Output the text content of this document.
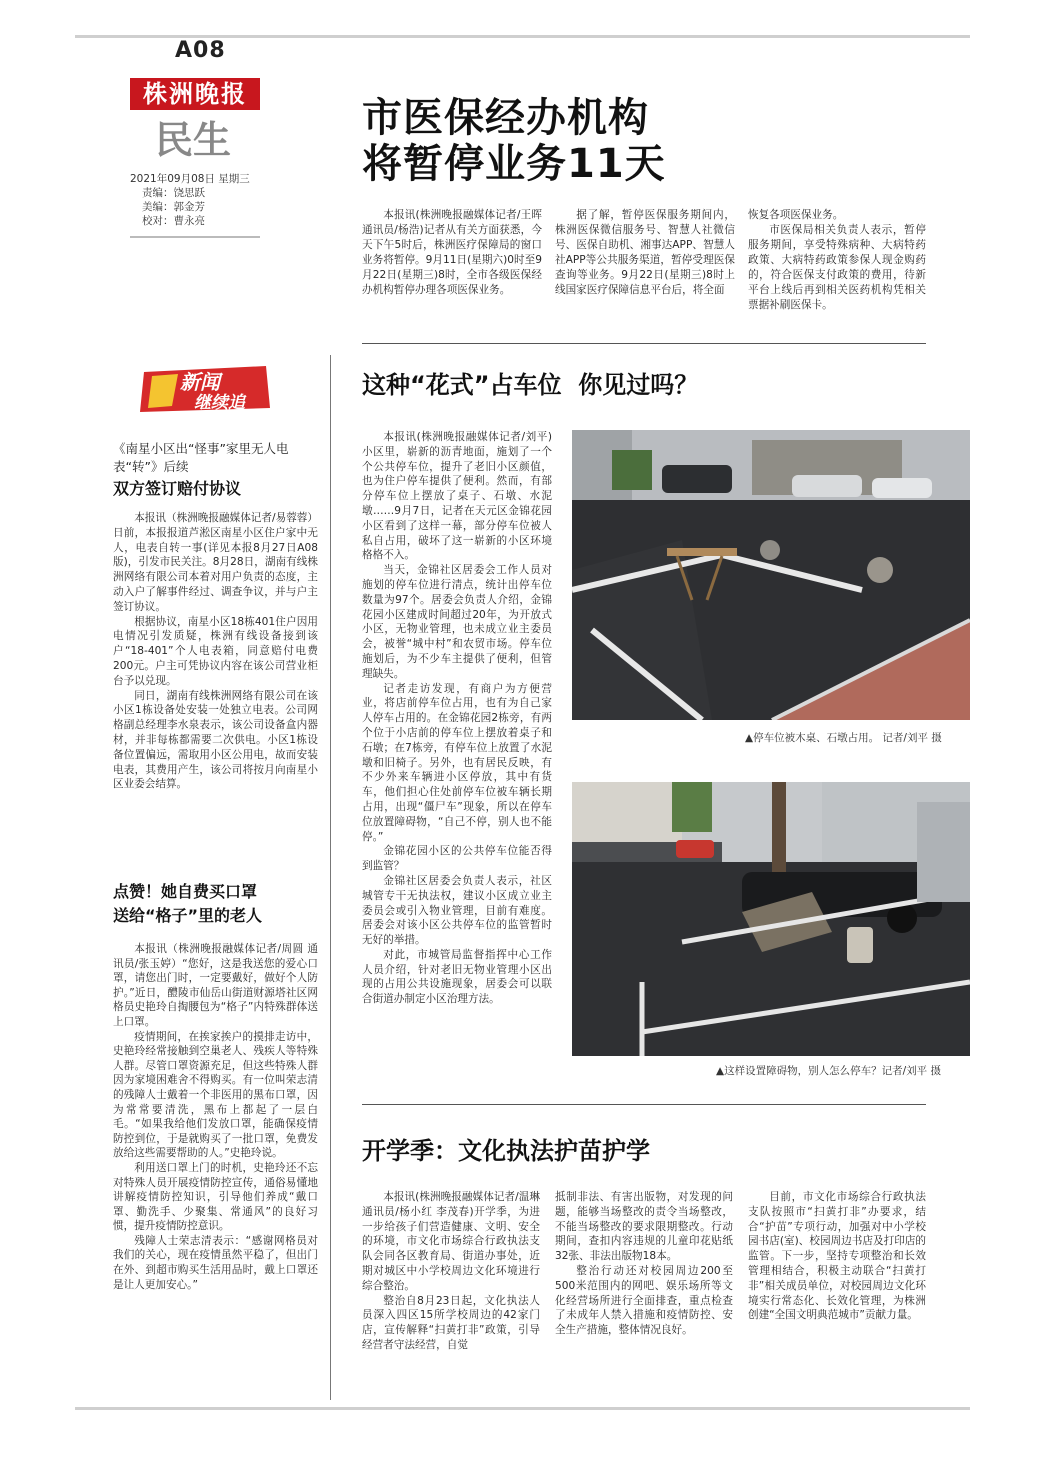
A08
株洲晚报
民生
2021年09月08日 星期三
责编：饶思跃
美编：郭金芳
校对：曹永亮
市医保经办机构
将暂停业务11天

本报讯(株洲晚报融媒体记者/王晖 通讯员/杨浩)记者从有关方面获悉，今天下午5时后，株洲医疗保障局的窗口业务将暂停。9月11日(星期六)0时至9月22日(星期三)8时，全市各级医保经办机构暂停办理各项医保业务。

据了解，暂停医保服务期间内，株洲医保微信服务号、智慧人社微信号、医保自助机、湘事达APP、智慧人社APP等公共服务渠道，暂停受理医保查询等业务。9月22日(星期三)8时上线国家医疗保障信息平台后，将全面

恢复各项医保业务。

市医保局相关负责人表示，暂停服务期间，享受特殊病种、大病特药政策、大病特药政策参保人现金购药的，符合医保支付政策的费用，待新平台上线后再到相关医药机构凭相关票据补刷医保卡。

新闻
继续追
《南星小区出“怪事”家里无人电表“转”》后续
双方签订赔付协议

本报讯（株洲晚报融媒体记者/易蓉蓉）日前，本报报道芦淞区南星小区住户家中无人，电表自转一事(详见本报8月27日A08版)，引发市民关注。8月28日，湖南有线株洲网络有限公司本着对用户负责的态度，主动入户了解事件经过、调查争议，并与户主签订协议。

根据协议，南星小区18栋401住户因用电情况引发质疑，株洲有线设备接到该户“18-401”个人电表箱，同意赔付电费200元。户主可凭协议内容在该公司营业柜台予以兑现。

同日，湖南有线株洲网络有限公司在该小区1栋设备处安装一处独立电表。公司网格副总经理李水泉表示，该公司设备盒内器材，并非每栋都需要二次供电。小区1栋设备位置偏远，需取用小区公用电，故而安装电表，其费用产生，该公司将按月向南星小区业委会结算。

点赞！她自费买口罩
送给“格子”里的老人

本报讯（株洲晚报融媒体记者/周圆 通讯员/张玉婷）“您好，这是我送您的爱心口罩，请您出门时，一定要戴好，做好个人防护。”近日，醴陵市仙岳山街道财源塔社区网格员史艳玲自掏腰包为“格子”内特殊群体送上口罩。

疫情期间，在挨家挨户的摸排走访中，史艳玲经常接触到空巢老人、残疾人等特殊人群。尽管口罩资源充足，但这些特殊人群因为家境困难舍不得购买。有一位叫荣志清的残障人士戴着一个非医用的黑布口罩，因为常常要清洗，黑布上都起了一层白毛。“如果我给他们发放口罩，能确保疫情防控到位，于是就购买了一批口罩，免费发放给这些需要帮助的人。”史艳玲说。

利用送口罩上门的时机，史艳玲还不忘对特殊人员开展疫情防控宣传，通俗易懂地讲解疫情防控知识，引导他们养成“戴口罩、勤洗手、少聚集、常通风”的良好习惯，提升疫情防控意识。

残障人士荣志清表示：“感谢网格员对我们的关心，现在疫情虽然平稳了，但出门在外、到超市购买生活用品时，戴上口罩还是让人更加安心。”

这种“花式”占车位  你见过吗？

本报讯(株洲晚报融媒体记者/刘平)小区里，崭新的沥青地面，施划了一个个公共停车位，提升了老旧小区颜值，也为住户停车提供了便利。然而，有部分停车位上摆放了桌子、石墩、水泥墩……9月7日，记者在天元区金锦花园小区看到了这样一幕，部分停车位被人私自占用，破坏了这一崭新的小区环境格格不入。

当天，金锦社区居委会工作人员对施划的停车位进行清点，统计出停车位数量为97个。居委会负责人介绍，金锦花园小区建成时间超过20年，为开放式小区，无物业管理，也未成立业主委员会，被誉“城中村”和农贸市场。停车位施划后，为不少车主提供了便利，但管理缺失。

记者走访发现，有商户为方便营业，将店前停车位占用，也有为自己家人停车占用的。在金锦花园2栋旁，有两个位于小店前的停车位上摆放着桌子和石墩；在7栋旁，有停车位上放置了水泥墩和旧椅子。另外，也有居民反映，有不少外来车辆进小区停放，其中有货车，他们担心住处前停车位被车辆长期占用，出现“僵尸车”现象，所以在停车位放置障碍物，“自己不停，别人也不能停。”

金锦花园小区的公共停车位能否得到监管？

金锦社区居委会负责人表示，社区城管专干无执法权，建议小区成立业主委员会或引入物业管理，目前有难度。居委会对该小区公共停车位的监管暂时无好的举措。

对此，市城管局监督指挥中心工作人员介绍，针对老旧无物业管理小区出现的占用公共设施现象，居委会可以联合街道办制定小区治理方法。

▲停车位被木桌、石墩占用。 记者/刘平 摄
▲这样设置障碍物，别人怎么停车？记者/刘平 摄
开学季：文化执法护苗护学

本报讯(株洲晚报融媒体记者/温琳 通讯员/杨小红 李茂春)开学季，为进一步给孩子们营造健康、文明、安全的环境，市文化市场综合行政执法支队会同各区教育局、街道办事处，近期对城区中小学校周边文化环境进行综合整治。

整治自8月23日起，文化执法人员深入四区15所学校周边的42家门店，宣传解释“扫黄打非”政策，引导经营者守法经营，自觉

抵制非法、有害出版物，对发现的问题，能够当场整改的责令当场整改，不能当场整改的要求限期整改。行动期间，查扣内容违规的儿童印花贴纸32张、非法出版物18本。

整治行动还对校园周边200至500米范围内的网吧、娱乐场所等文化经营场所进行全面排查，重点检查了未成年人禁入措施和疫情防控、安全生产措施，整体情况良好。

目前，市文化市场综合行政执法支队按照市“扫黄打非”办要求，结合“护苗”专项行动，加强对中小学校园书店(室)、校园周边书店及打印店的监管。下一步，坚持专项整治和长效管理相结合，积极主动联合“扫黄打非”相关成员单位，对校园周边文化环境实行常态化、长效化管理，为株洲创建“全国文明典范城市”贡献力量。
